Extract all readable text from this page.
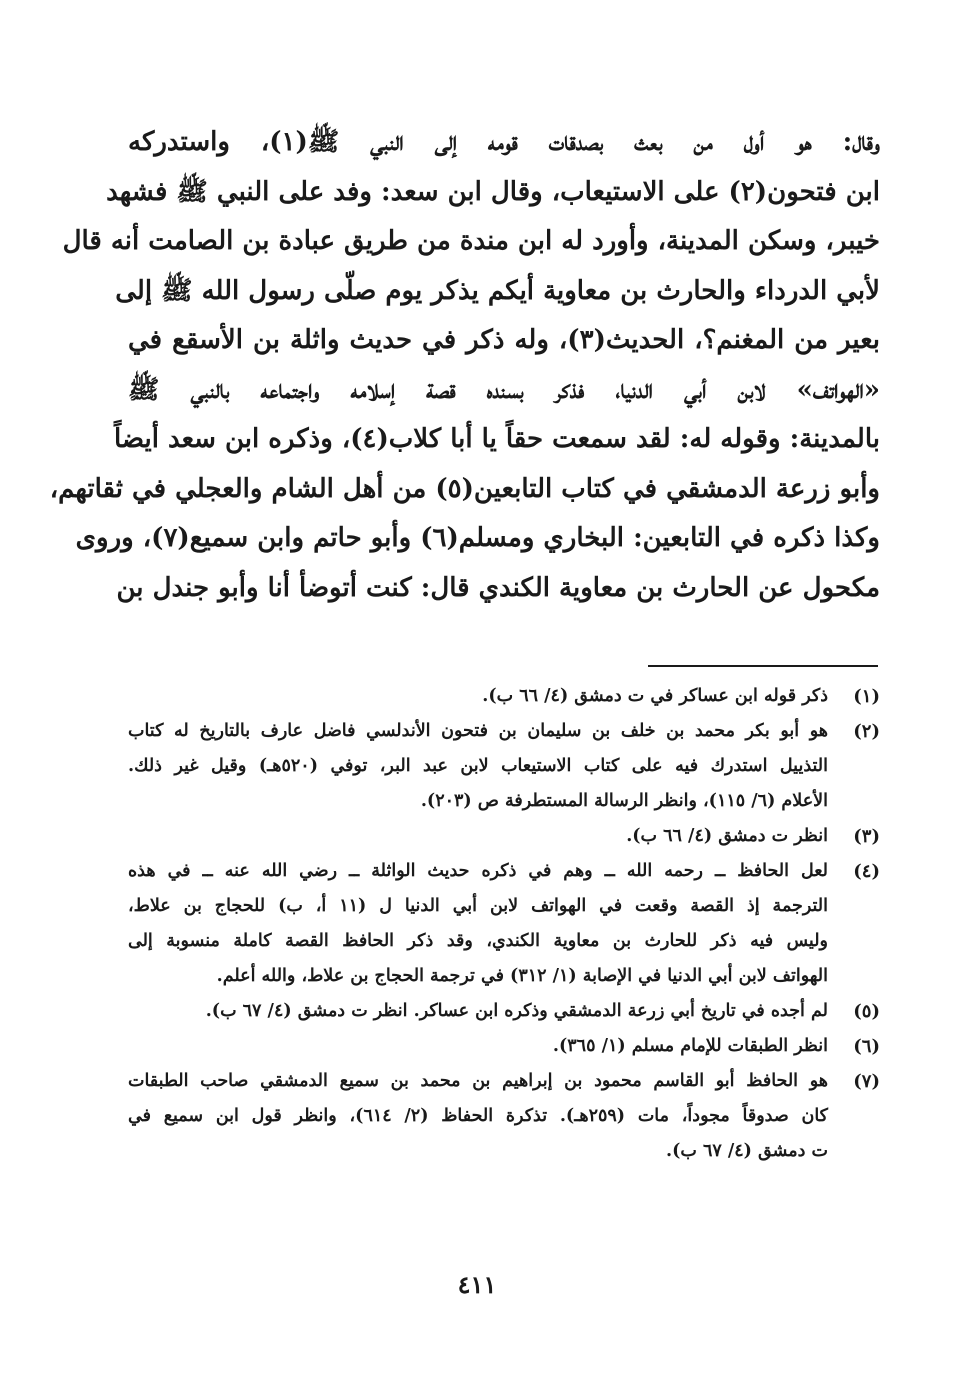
وقال: هو أول من بعث بصدقات قومه إلى النبي ﷺ(١)، واستدركه
ابن فتحون(٢) على الاستيعاب، وقال ابن سعد: وفد على النبي ﷺ فشهد
خيبر، وسكن المدينة، وأورد له ابن مندة من طريق عبادة بن الصامت أنه قال
لأبي الدرداء والحارث بن معاوية أيكم يذكر يوم صلّى رسول الله ﷺ إلى
بعير من المغنم؟، الحديث(٣)، وله ذكر في حديث واثلة بن الأسقع في
«الهواتف» لابن أبي الدنيا، فذكر بسنده قصة إسلامه واجتماعه بالنبي ﷺ
بالمدينة: وقوله له: لقد سمعت حقاً يا أبا كلاب(٤)، وذكره ابن سعد أيضاً
وأبو زرعة الدمشقي في كتاب التابعين(٥) من أهل الشام والعجلي في ثقاتهم،
وكذا ذكره في التابعين: البخاري ومسلم(٦) وأبو حاتم وابن سميع(٧)، وروى
مكحول عن الحارث بن معاوية الكندي قال: كنت أتوضأ أنا وأبو جندل بن
(١)
ذكر قوله ابن عساكر في ت دمشق (٤/ ٦٦ ب).
(٢)
هو أبو بكر محمد بن خلف بن سليمان بن فتحون الأندلسي فاضل عارف بالتاريخ له كتاب
التذييل استدرك فيه على كتاب الاستيعاب لابن عبد البر، توفي (٥٢٠هـ) وقيل غير ذلك.
الأعلام (٦/ ١١٥)، وانظر الرسالة المستطرفة ص (٢٠٣).
(٣)
انظر ت دمشق (٤/ ٦٦ ب).
(٤)
لعل الحافظ ــ رحمه الله ــ وهم في ذكره حديث الواثلة ــ رضي الله عنه ــ في هذه
الترجمة إذ القصة وقعت في الهواتف لابن أبي الدنيا ل (١١ أ، ب) للحجاج بن علاط،
وليس فيه ذكر للحارث بن معاوية الكندي، وقد ذكر الحافظ القصة كاملة منسوبة إلى
الهواتف لابن أبي الدنيا في الإصابة (١/ ٣١٢) في ترجمة الحجاج بن علاط، والله أعلم.
(٥)
لم أجده في تاريخ أبي زرعة الدمشقي وذكره ابن عساكر. انظر ت دمشق (٤/ ٦٧ ب).
(٦)
انظر الطبقات للإمام مسلم (١/ ٣٦٥).
(٧)
هو الحافظ أبو القاسم محمود بن إبراهيم بن محمد بن سميع الدمشقي صاحب الطبقات
كان صدوقاً مجوداً، مات (٢٥٩هـ). تذكرة الحفاظ (٢/ ٦١٤)، وانظر قول ابن سميع في
ت دمشق (٤/ ٦٧ ب).
٤١١
